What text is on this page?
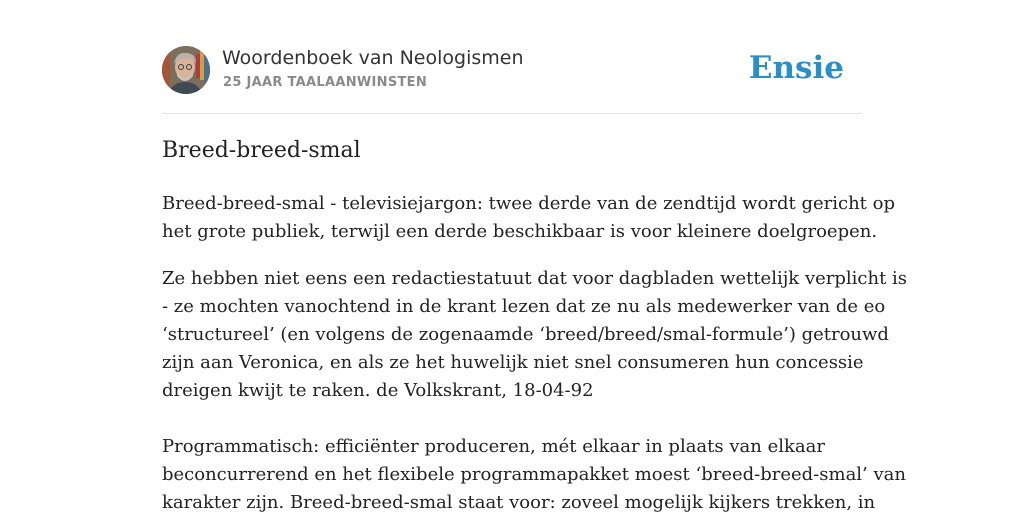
Woordenboek van Neologismen
25 JAAR TAALAANWINSTEN	Ensie
Breed-breed-smal

Breed-breed-smal - televisiejargon: twee derde van de zendtijd wordt gericht op
het grote publiek, terwijl een derde beschikbaar is voor kleinere doelgroepen.

Ze hebben niet eens een redactiestatuut dat voor dagbladen wettelijk verplicht is
- ze mochten vanochtend in de krant lezen dat ze nu als medewerker van de eo
‘structureel’ (en volgens de zogenaamde ‘breed/breed/smal-formule’) getrouwd
zijn aan Veronica, en als ze het huwelijk niet snel consumeren hun concessie
dreigen kwijt te raken. de Volkskrant, 18-04-92
Programmatisch: efficiënter produceren, mét elkaar in plaats van elkaar
beconcurrerend en het flexibele programmapakket moest ‘breed-breed-smal’ van
karakter zijn. Breed-breed-smal staat voor: zoveel mogelijk kijkers trekken, in
